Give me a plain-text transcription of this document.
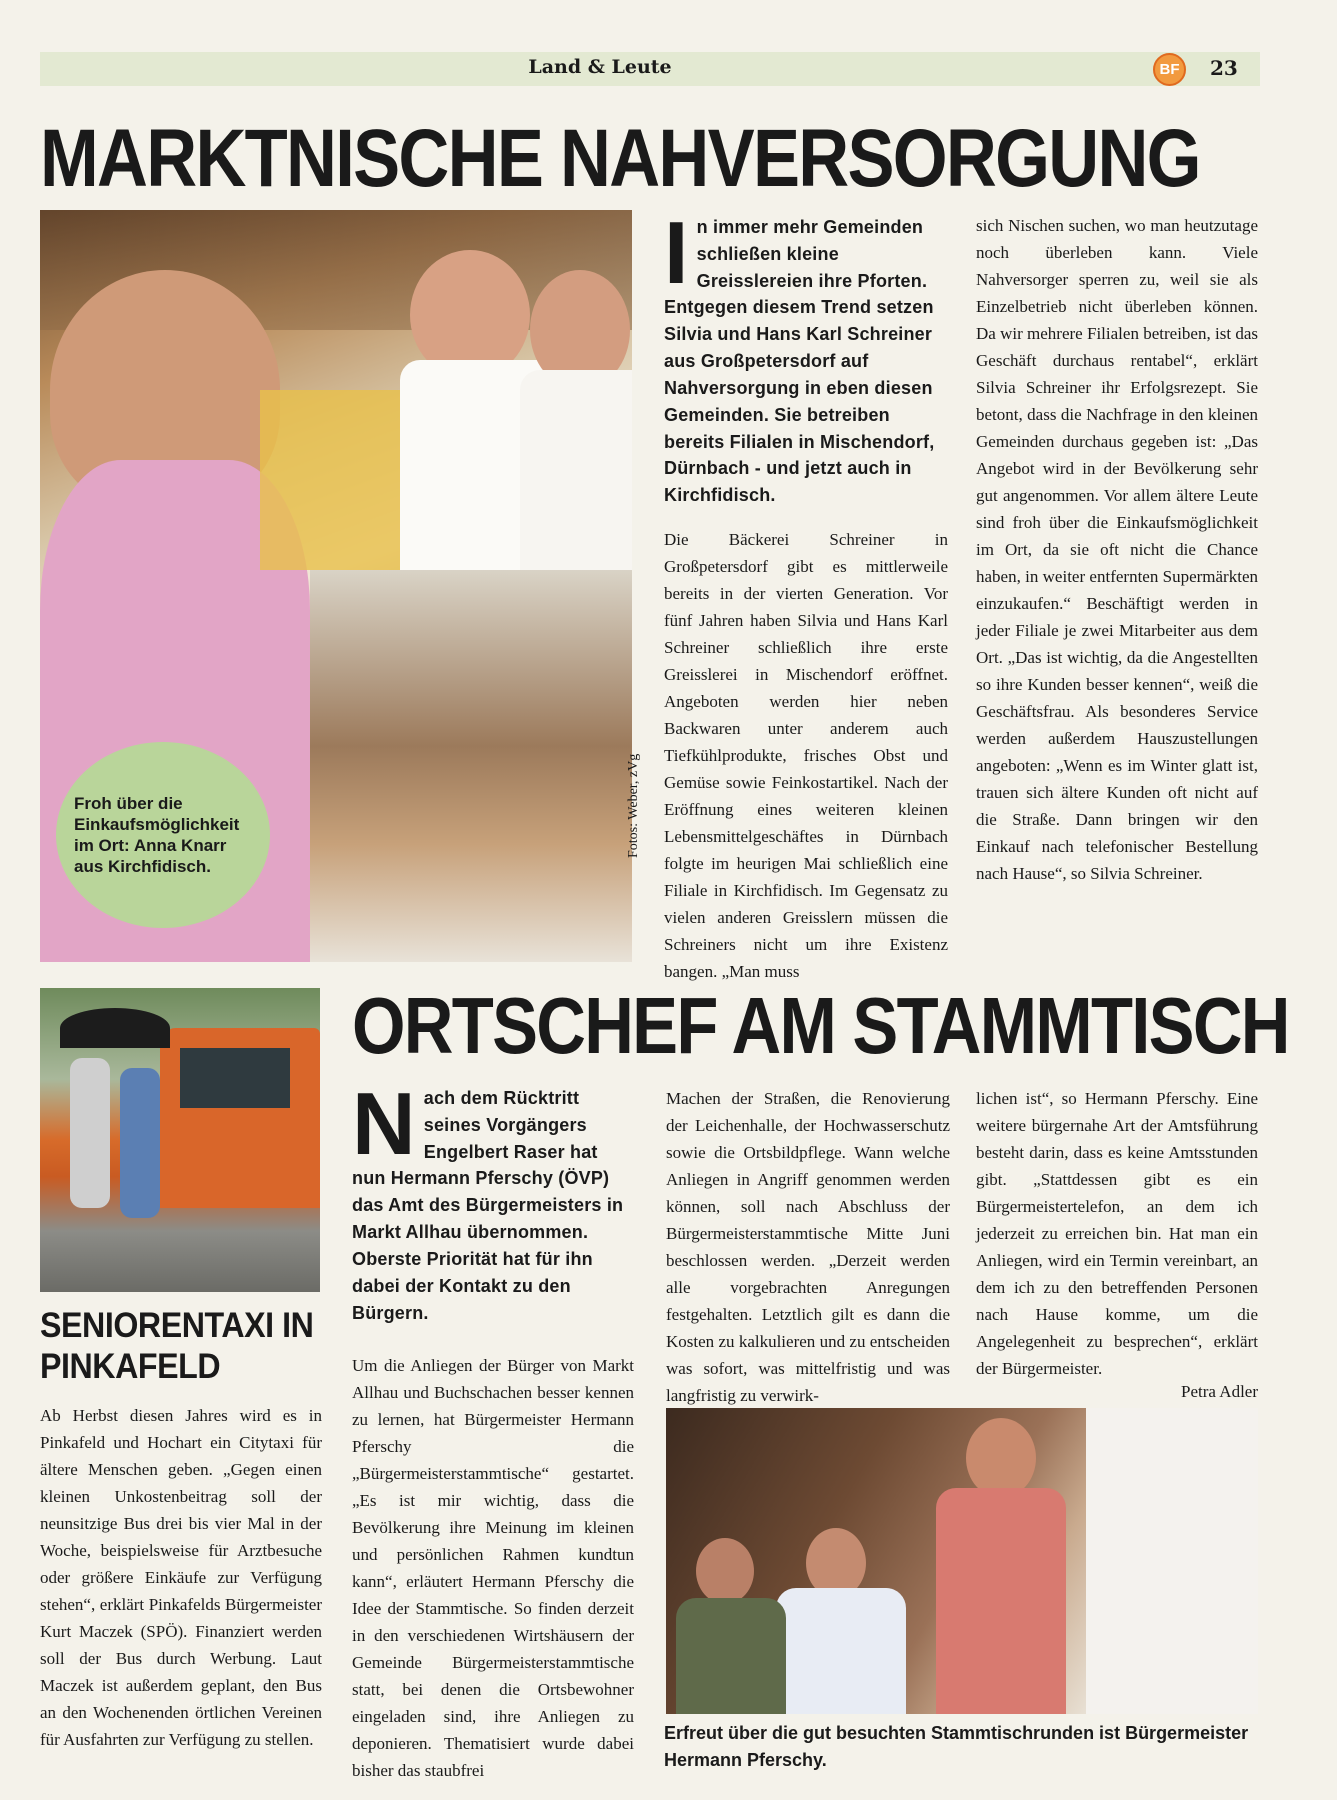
Land & Leute	BF	23
MARKTNISCHE NAHVERSORGUNG
Froh über die Einkaufsmöglichkeit im Ort: Anna Knarr aus Kirchfidisch.
Fotos: Weber, zVg
I n immer mehr Gemeinden schließen kleine Greisslereien ihre Pforten. Entgegen diesem Trend setzen Silvia und Hans Karl Schreiner aus Großpetersdorf auf Nahversorgung in eben diesen Gemeinden. Sie betreiben bereits Filialen in Mischendorf, Dürnbach - und jetzt auch in Kirchfidisch.
Die Bäckerei Schreiner in Großpetersdorf gibt es mittlerweile bereits in der vierten Generation. Vor fünf Jahren haben Silvia und Hans Karl Schreiner schließlich ihre erste Greisslerei in Mischendorf eröffnet. Angeboten werden hier neben Backwaren unter anderem auch Tiefkühlprodukte, frisches Obst und Gemüse sowie Feinkostartikel. Nach der Eröffnung eines weiteren kleinen Lebensmittelgeschäftes in Dürnbach folgte im heurigen Mai schließlich eine Filiale in Kirchfidisch. Im Gegensatz zu vielen anderen Greisslern müssen die Schreiners nicht um ihre Existenz bangen. „Man muss
sich Nischen suchen, wo man heutzutage noch überleben kann. Viele Nahversorger sperren zu, weil sie als Einzelbetrieb nicht überleben können. Da wir mehrere Filialen betreiben, ist das Geschäft durchaus rentabel“, erklärt Silvia Schreiner ihr Erfolgsrezept. Sie betont, dass die Nachfrage in den kleinen Gemeinden durchaus gegeben ist: „Das Angebot wird in der Bevölkerung sehr gut angenommen. Vor allem ältere Leute sind froh über die Einkaufsmöglichkeit im Ort, da sie oft nicht die Chance haben, in weiter entfernten Supermärkten einzukaufen.“ Beschäftigt werden in jeder Filiale je zwei Mitarbeiter aus dem Ort. „Das ist wichtig, da die Angestellten so ihre Kunden besser kennen“, weiß die Geschäftsfrau. Als besonderes Service werden außerdem Hauszustellungen angeboten: „Wenn es im Winter glatt ist, trauen sich ältere Kunden oft nicht auf die Straße. Dann bringen wir den Einkauf nach telefonischer Bestellung nach Hause“, so Silvia Schreiner.
ORTSCHEF AM STAMMTISCH
N ach dem Rücktritt seines Vorgängers Engelbert Raser hat nun Hermann Pferschy (ÖVP) das Amt des Bürgermeisters in Markt Allhau übernommen. Oberste Priorität hat für ihn dabei der Kontakt zu den Bürgern.
Um die Anliegen der Bürger von Markt Allhau und Buchschachen besser kennen zu lernen, hat Bürgermeister Hermann Pferschy die „Bürgermeisterstammtische“ gestartet. „Es ist mir wichtig, dass die Bevölkerung ihre Meinung im kleinen und persönlichen Rahmen kundtun kann“, erläutert Hermann Pferschy die Idee der Stammtische. So finden derzeit in den verschiedenen Wirtshäusern der Gemeinde Bürgermeisterstammtische statt, bei denen die Ortsbewohner eingeladen sind, ihre Anliegen zu deponieren. Thematisiert wurde dabei bisher das staubfrei
Machen der Straßen, die Renovierung der Leichenhalle, der Hochwasserschutz sowie die Ortsbildpflege. Wann welche Anliegen in Angriff genommen werden können, soll nach Abschluss der Bürgermeisterstammtische Mitte Juni beschlossen werden. „Derzeit werden alle vorgebrachten Anregungen festgehalten. Letztlich gilt es dann die Kosten zu kalkulieren und zu entscheiden was sofort, was mittelfristig und was langfristig zu verwirk-
lichen ist“, so Hermann Pferschy. Eine weitere bürgernahe Art der Amtsführung besteht darin, dass es keine Amtsstunden gibt. „Stattdessen gibt es ein Bürgermeistertelefon, an dem ich jederzeit zu erreichen bin. Hat man ein Anliegen, wird ein Termin vereinbart, an dem ich zu den betreffenden Personen nach Hause komme, um die Angelegenheit zu besprechen“, erklärt der Bürgermeister.
Petra Adler
Erfreut über die gut besuchten Stammtischrunden ist Bürgermeister Hermann Pferschy.
SENIORENTAXI IN PINKAFELD
Ab Herbst diesen Jahres wird es in Pinkafeld und Hochart ein Citytaxi für ältere Menschen geben. „Gegen einen kleinen Unkostenbeitrag soll der neunsitzige Bus drei bis vier Mal in der Woche, beispielsweise für Arztbesuche oder größere Einkäufe zur Verfügung stehen“, erklärt Pinkafelds Bürgermeister Kurt Maczek (SPÖ). Finanziert werden soll der Bus durch Werbung. Laut Maczek ist außerdem geplant, den Bus an den Wochenenden örtlichen Vereinen für Ausfahrten zur Verfügung zu stellen.
